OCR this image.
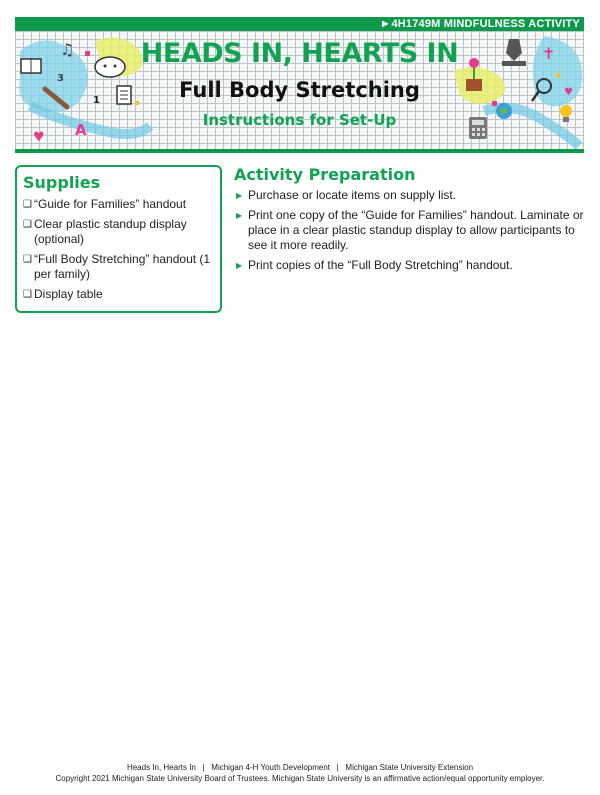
▶ 4H1749M MINDFULNESS ACTIVITY
♫
3
1
A
♥
✝
♥
HEADS IN, HEARTS IN
Full Body Stretching
Instructions for Set-Up
Supplies
❑ “Guide for Families” handout
❑ Clear plastic standup display (optional)
❑ “Full Body Stretching” handout (1 per family)
❑ Display table
Activity Preparation
▶ Purchase or locate items on supply list.
▶ Print one copy of the “Guide for Families” handout. Laminate or place in a clear plastic standup display to allow participants to see it more readily.
▶ Print copies of the “Full Body Stretching” handout.
Heads In, Hearts In   |   Michigan 4-H Youth Development   |   Michigan State University Extension
Copyright 2021 Michigan State University Board of Trustees. Michigan State University is an affirmative action/equal opportunity employer.
